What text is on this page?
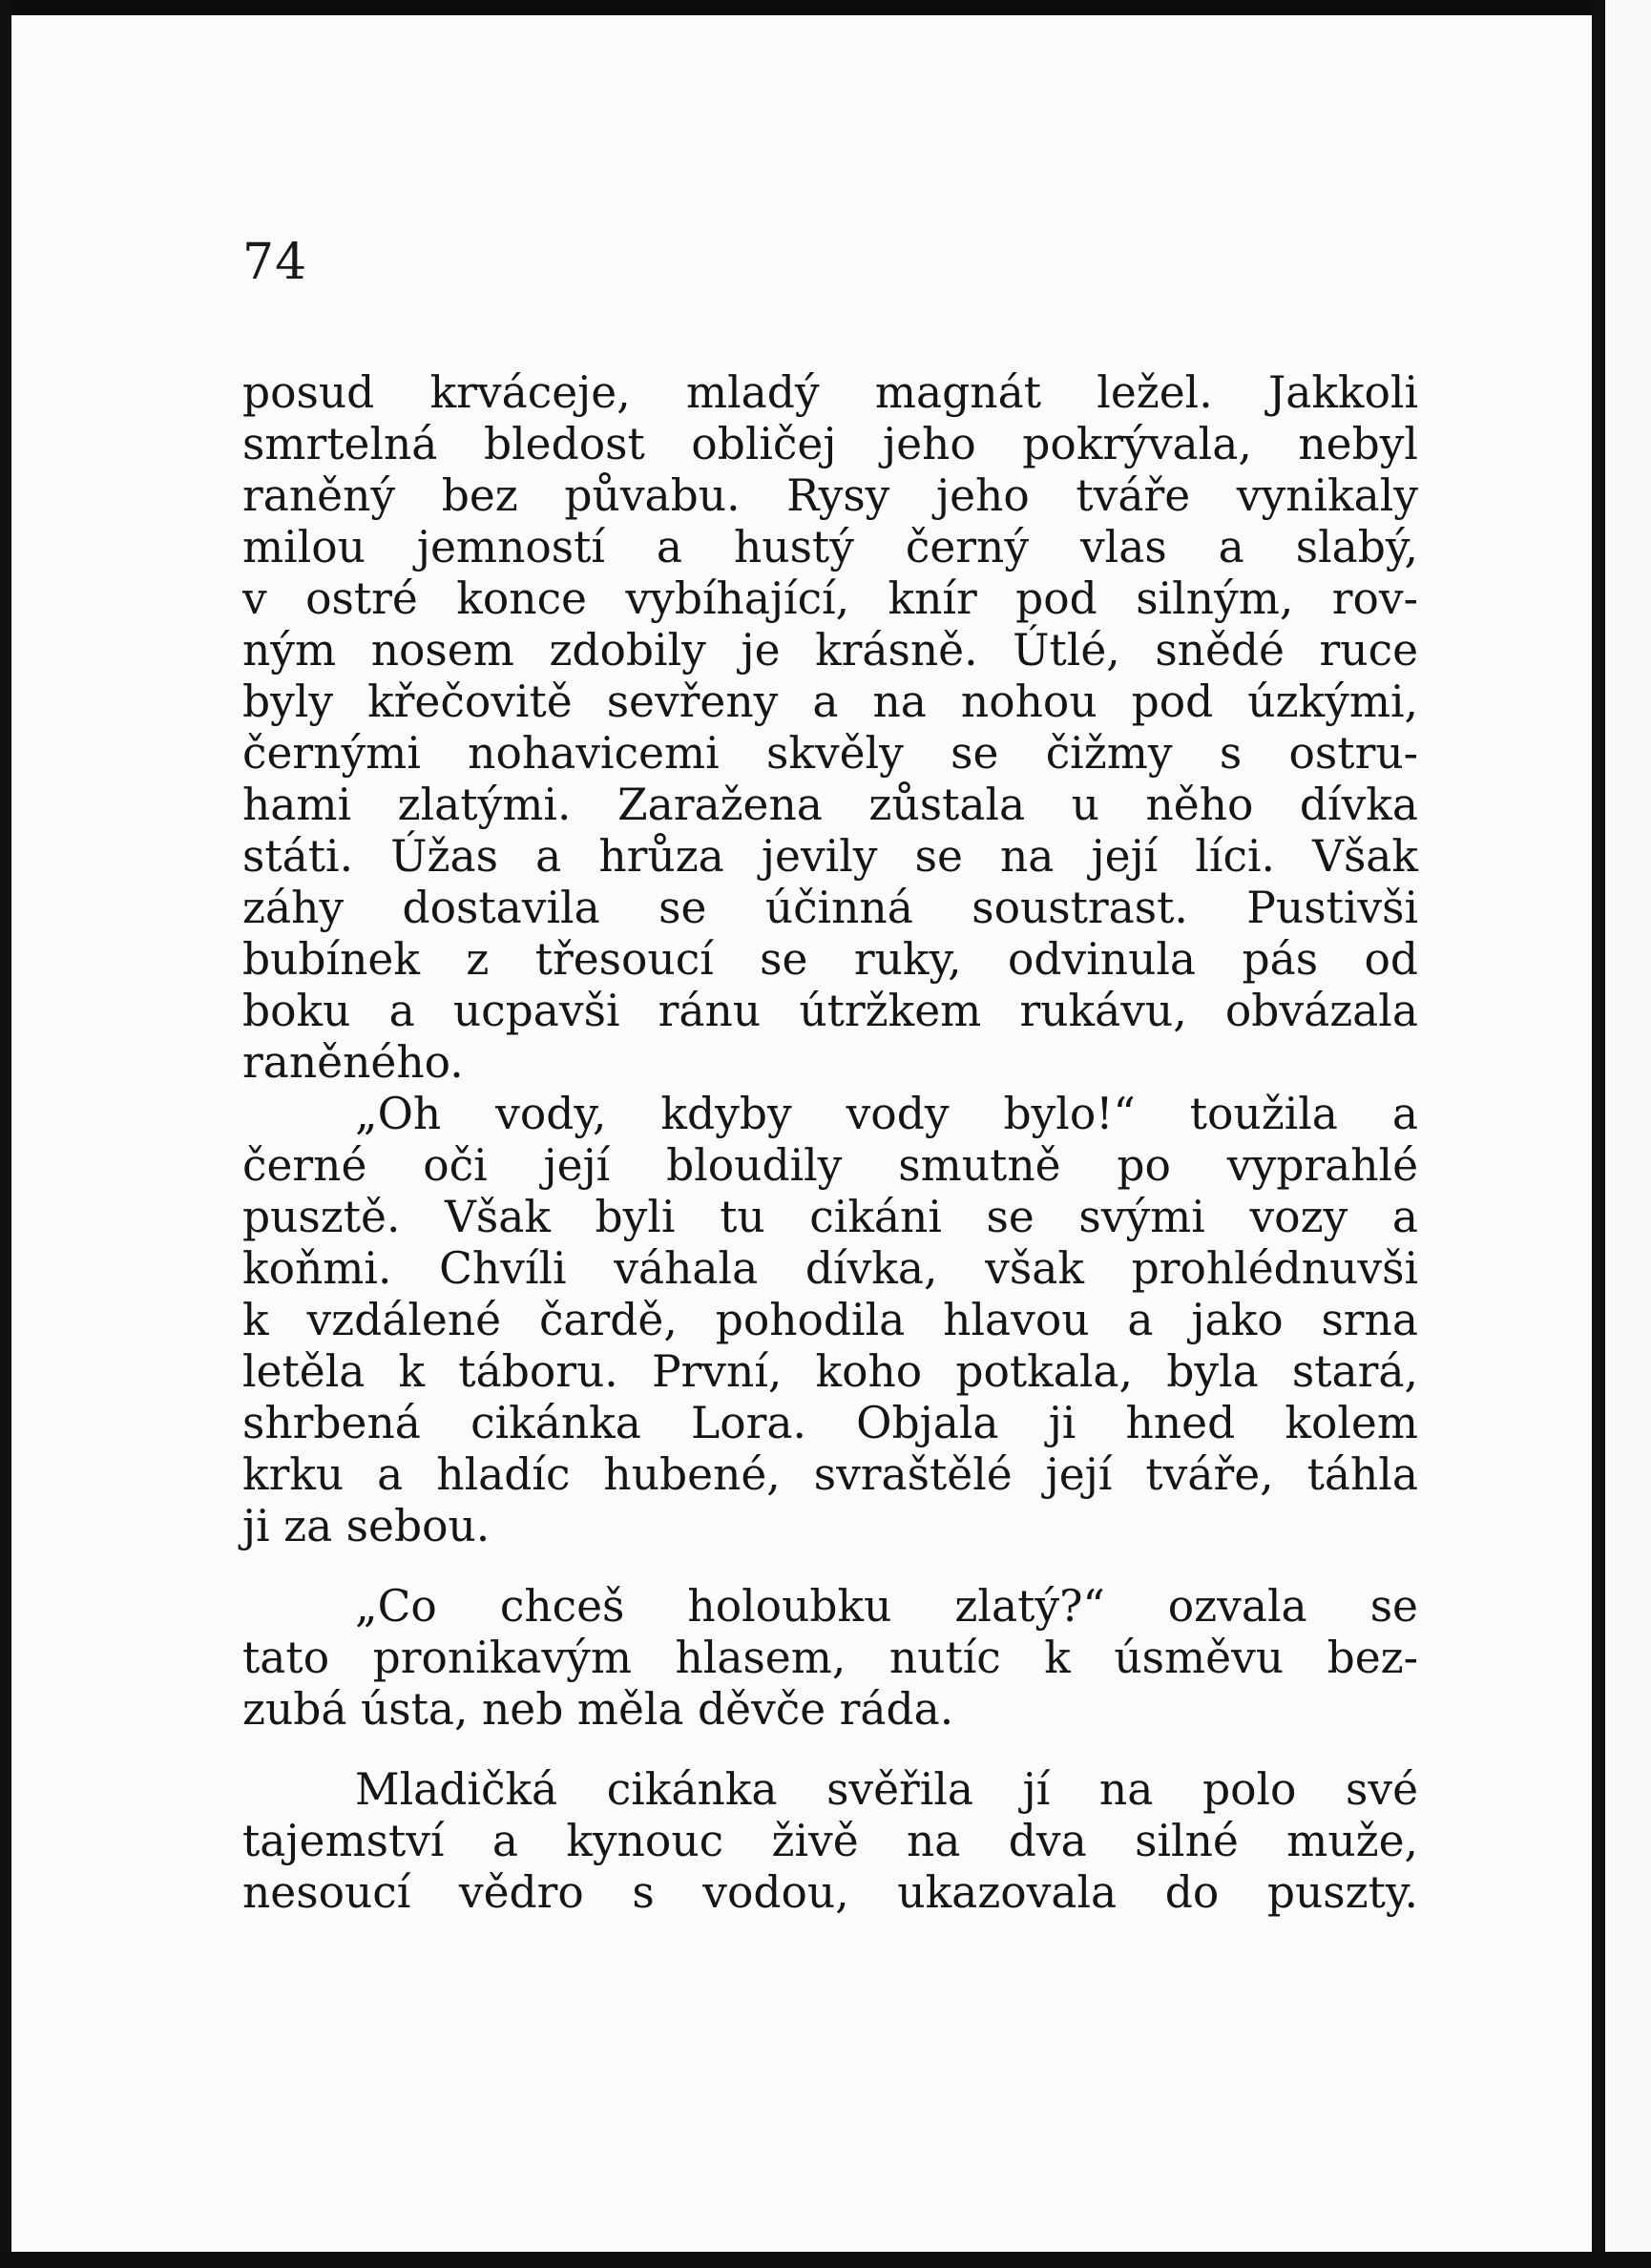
74
posud krváceje, mladý magnát ležel. Jakkoli
smrtelná bledost obličej jeho pokrývala, nebyl
raněný bez půvabu. Rysy jeho tváře vynikaly
milou jemností a hustý černý vlas a slabý,
v ostré konce vybíhající, knír pod silným, rov-
ným nosem zdobily je krásně. Útlé, snědé ruce
byly křečovitě sevřeny a na nohou pod úzkými,
černými nohavicemi skvěly se čižmy s ostru-
hami zlatými. Zaražena zůstala u něho dívka
státi. Úžas a hrůza jevily se na její líci. Však
záhy dostavila se účinná soustrast. Pustivši
bubínek z třesoucí se ruky, odvinula pás od
boku a ucpavši ránu útržkem rukávu, obvázala
raněného.
„Oh vody, kdyby vody bylo!“ toužila a
černé oči její bloudily smutně po vyprahlé
pusztě. Však byli tu cikáni se svými vozy a
koňmi. Chvíli váhala dívka, však prohlédnuvši
k vzdálené čardě, pohodila hlavou a jako srna
letěla k táboru. První, koho potkala, byla stará,
shrbená cikánka Lora. Objala ji hned kolem
krku a hladíc hubené, svraštělé její tváře, táhla
ji za sebou.
„Co chceš holoubku zlatý?“ ozvala se
tato pronikavým hlasem, nutíc k úsměvu bez-
zubá ústa, neb měla děvče ráda.
Mladičká cikánka svěřila jí na polo své
tajemství a kynouc živě na dva silné muže,
nesoucí vědro s vodou, ukazovala do puszty.
